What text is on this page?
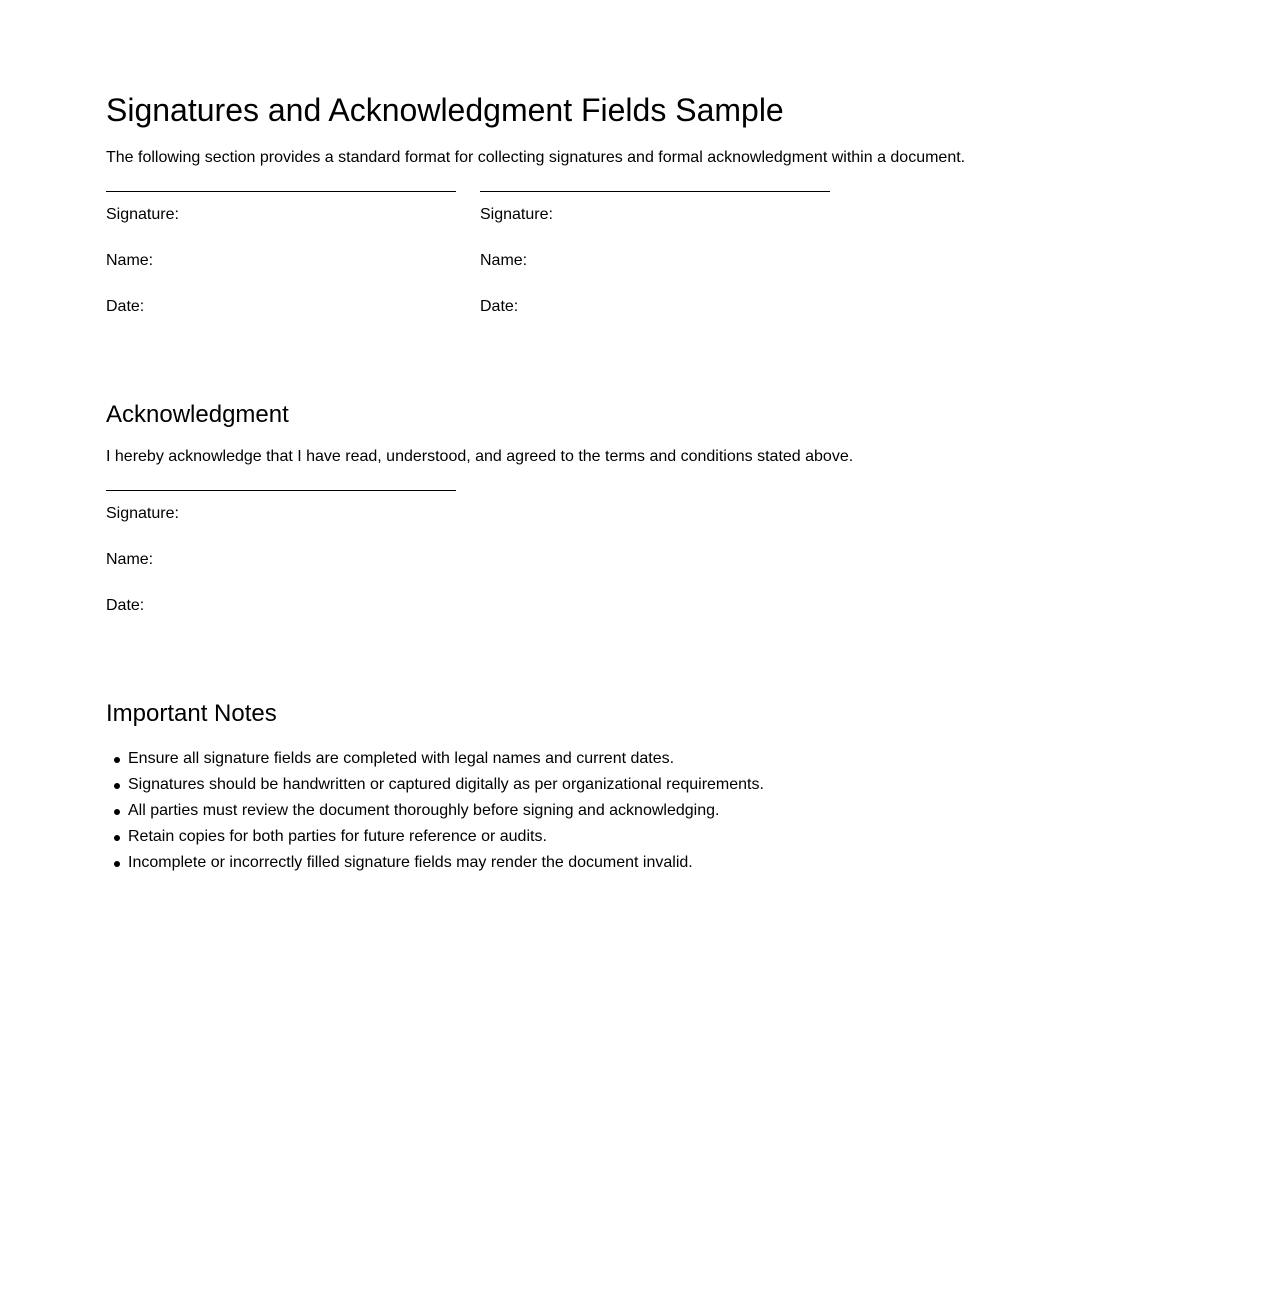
Signatures and Acknowledgment Fields Sample

The following section provides a standard format for collecting signatures and formal acknowledgment within a document.

Signature:
Name:
Date:
Signature:
Name:
Date:
Acknowledgment

I hereby acknowledge that I have read, understood, and agreed to the terms and conditions stated above.

Signature:
Name:
Date:
Important Notes
Ensure all signature fields are completed with legal names and current dates.
Signatures should be handwritten or captured digitally as per organizational requirements.
All parties must review the document thoroughly before signing and acknowledging.
Retain copies for both parties for future reference or audits.
Incomplete or incorrectly filled signature fields may render the document invalid.
